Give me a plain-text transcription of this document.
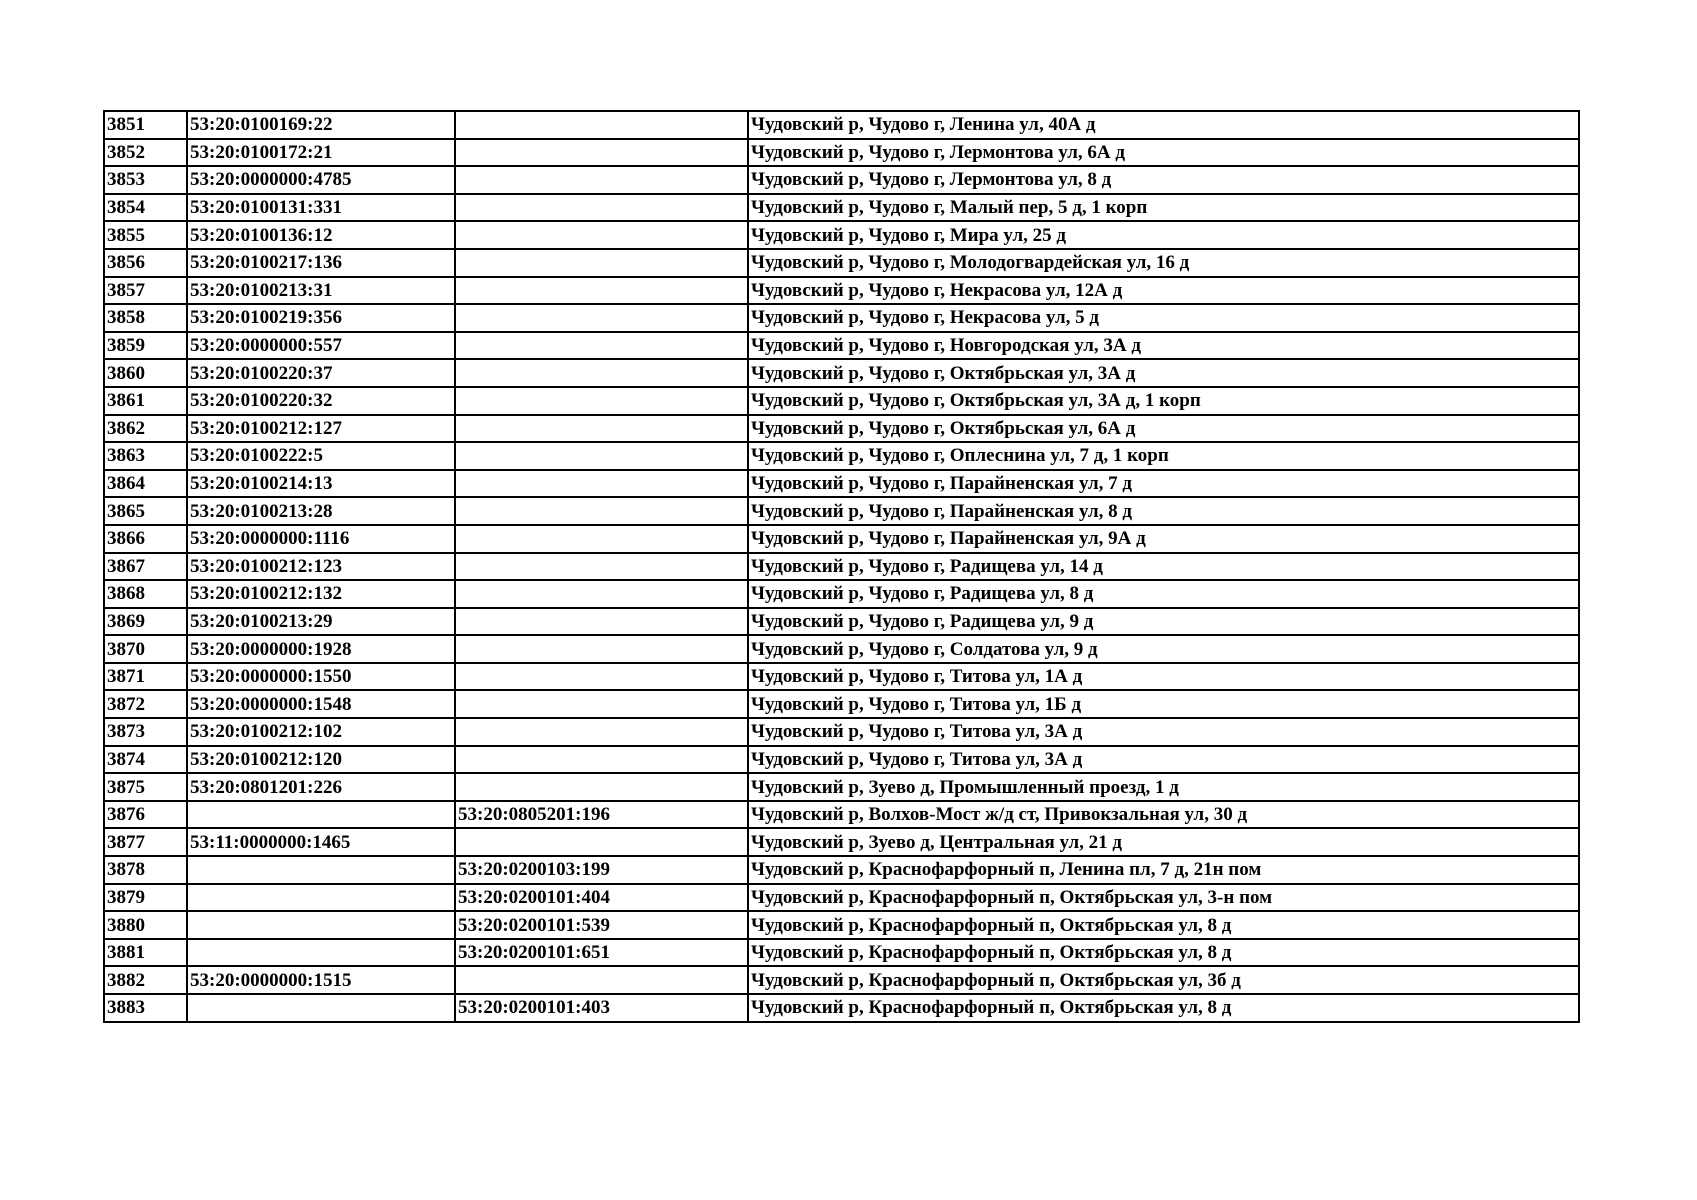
3851	53:20:0100169:22		Чудовский р, Чудово г, Ленина ул, 40А д
3852	53:20:0100172:21		Чудовский р, Чудово г, Лермонтова ул, 6А д
3853	53:20:0000000:4785		Чудовский р, Чудово г, Лермонтова ул, 8 д
3854	53:20:0100131:331		Чудовский р, Чудово г, Малый пер, 5 д, 1 корп
3855	53:20:0100136:12		Чудовский р, Чудово г, Мира ул, 25 д
3856	53:20:0100217:136		Чудовский р, Чудово г, Молодогвардейская ул, 16 д
3857	53:20:0100213:31		Чудовский р, Чудово г, Некрасова ул, 12А д
3858	53:20:0100219:356		Чудовский р, Чудово г, Некрасова ул, 5 д
3859	53:20:0000000:557		Чудовский р, Чудово г, Новгородская ул, 3А д
3860	53:20:0100220:37		Чудовский р, Чудово г, Октябрьская ул, 3А д
3861	53:20:0100220:32		Чудовский р, Чудово г, Октябрьская ул, 3А д, 1 корп
3862	53:20:0100212:127		Чудовский р, Чудово г, Октябрьская ул, 6А д
3863	53:20:0100222:5		Чудовский р, Чудово г, Оплеснина ул, 7 д, 1 корп
3864	53:20:0100214:13		Чудовский р, Чудово г, Парайненская ул, 7 д
3865	53:20:0100213:28		Чудовский р, Чудово г, Парайненская ул, 8 д
3866	53:20:0000000:1116		Чудовский р, Чудово г, Парайненская ул, 9А д
3867	53:20:0100212:123		Чудовский р, Чудово г, Радищева ул, 14 д
3868	53:20:0100212:132		Чудовский р, Чудово г, Радищева ул, 8 д
3869	53:20:0100213:29		Чудовский р, Чудово г, Радищева ул, 9 д
3870	53:20:0000000:1928		Чудовский р, Чудово г, Солдатова ул, 9 д
3871	53:20:0000000:1550		Чудовский р, Чудово г, Титова ул, 1А д
3872	53:20:0000000:1548		Чудовский р, Чудово г, Титова ул, 1Б д
3873	53:20:0100212:102		Чудовский р, Чудово г, Титова ул, 3А д
3874	53:20:0100212:120		Чудовский р, Чудово г, Титова ул, 3А д
3875	53:20:0801201:226		Чудовский р, Зуево д, Промышленный проезд, 1 д
3876		53:20:0805201:196	Чудовский р, Волхов-Мост ж/д ст, Привокзальная ул, 30 д
3877	53:11:0000000:1465		Чудовский р, Зуево д, Центральная ул, 21 д
3878		53:20:0200103:199	Чудовский р, Краснофарфорный п, Ленина пл, 7 д, 21н пом
3879		53:20:0200101:404	Чудовский р, Краснофарфорный п, Октябрьская ул, 3-н пом
3880		53:20:0200101:539	Чудовский р, Краснофарфорный п, Октябрьская ул, 8 д
3881		53:20:0200101:651	Чудовский р, Краснофарфорный п, Октябрьская ул, 8 д
3882	53:20:0000000:1515		Чудовский р, Краснофарфорный п, Октябрьская ул, 3б д
3883		53:20:0200101:403	Чудовский р, Краснофарфорный п, Октябрьская ул, 8 д
